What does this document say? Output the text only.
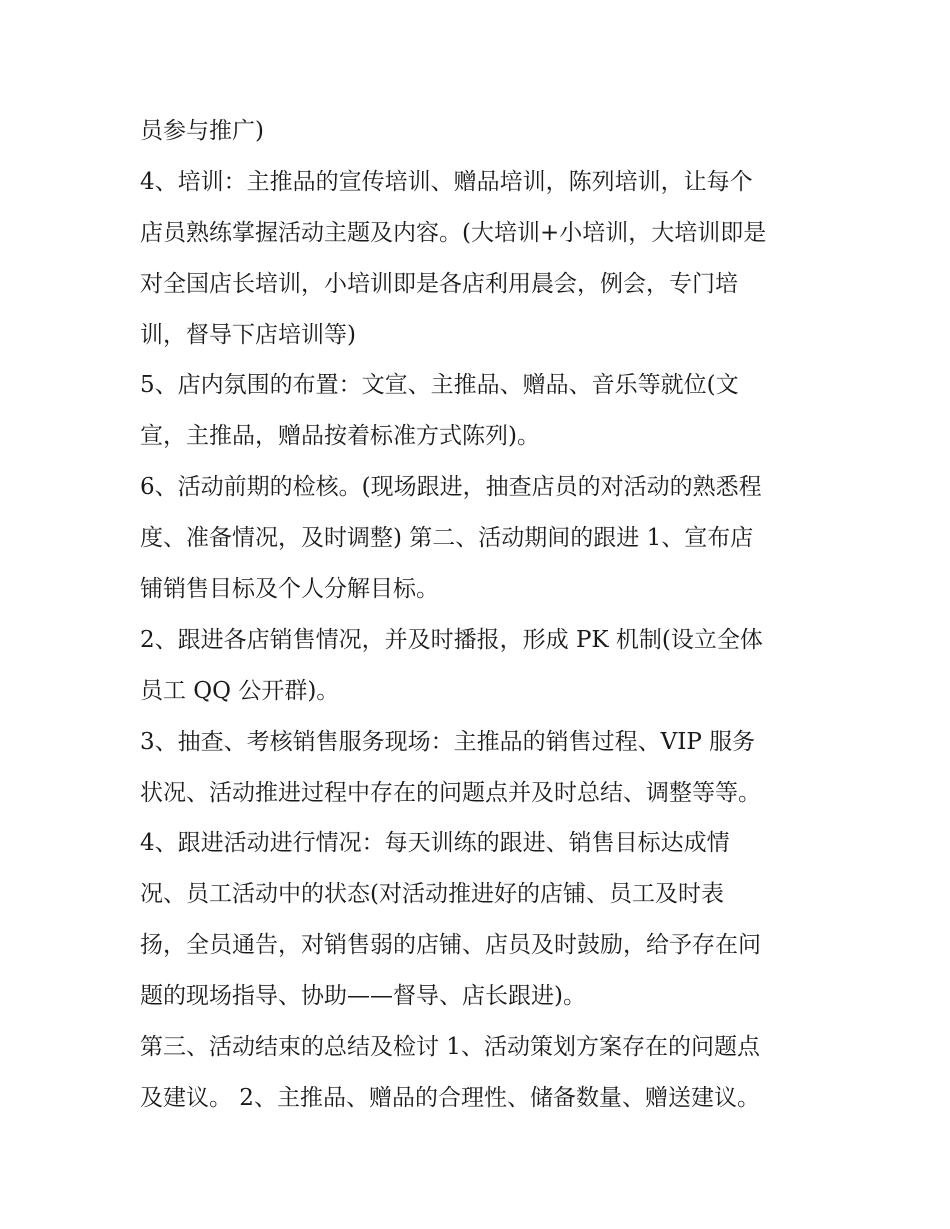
员参与推广)
4、培训：主推品的宣传培训、赠品培训，陈列培训，让每个
店员熟练掌握活动主题及内容。(大培训+小培训，大培训即是
对全国店长培训，小培训即是各店利用晨会，例会，专门培
训，督导下店培训等)
5、店内氛围的布置：文宣、主推品、赠品、音乐等就位(文
宣，主推品，赠品按着标准方式陈列)。
6、活动前期的检核。(现场跟进，抽查店员的对活动的熟悉程
度、准备情况，及时调整) 第二、活动期间的跟进 1、宣布店
铺销售目标及个人分解目标。
2、跟进各店销售情况，并及时播报，形成 PK 机制(设立全体
员工 QQ 公开群)。
3、抽查、考核销售服务现场：主推品的销售过程、VIP 服务
状况、活动推进过程中存在的问题点并及时总结、调整等等。
4、跟进活动进行情况：每天训练的跟进、销售目标达成情
况、员工活动中的状态(对活动推进好的店铺、员工及时表
扬，全员通告，对销售弱的店铺、店员及时鼓励，给予存在问
题的现场指导、协助——督导、店长跟进)。
第三、活动结束的总结及检讨 1、活动策划方案存在的问题点
及建议。 2、主推品、赠品的合理性、储备数量、赠送建议。
